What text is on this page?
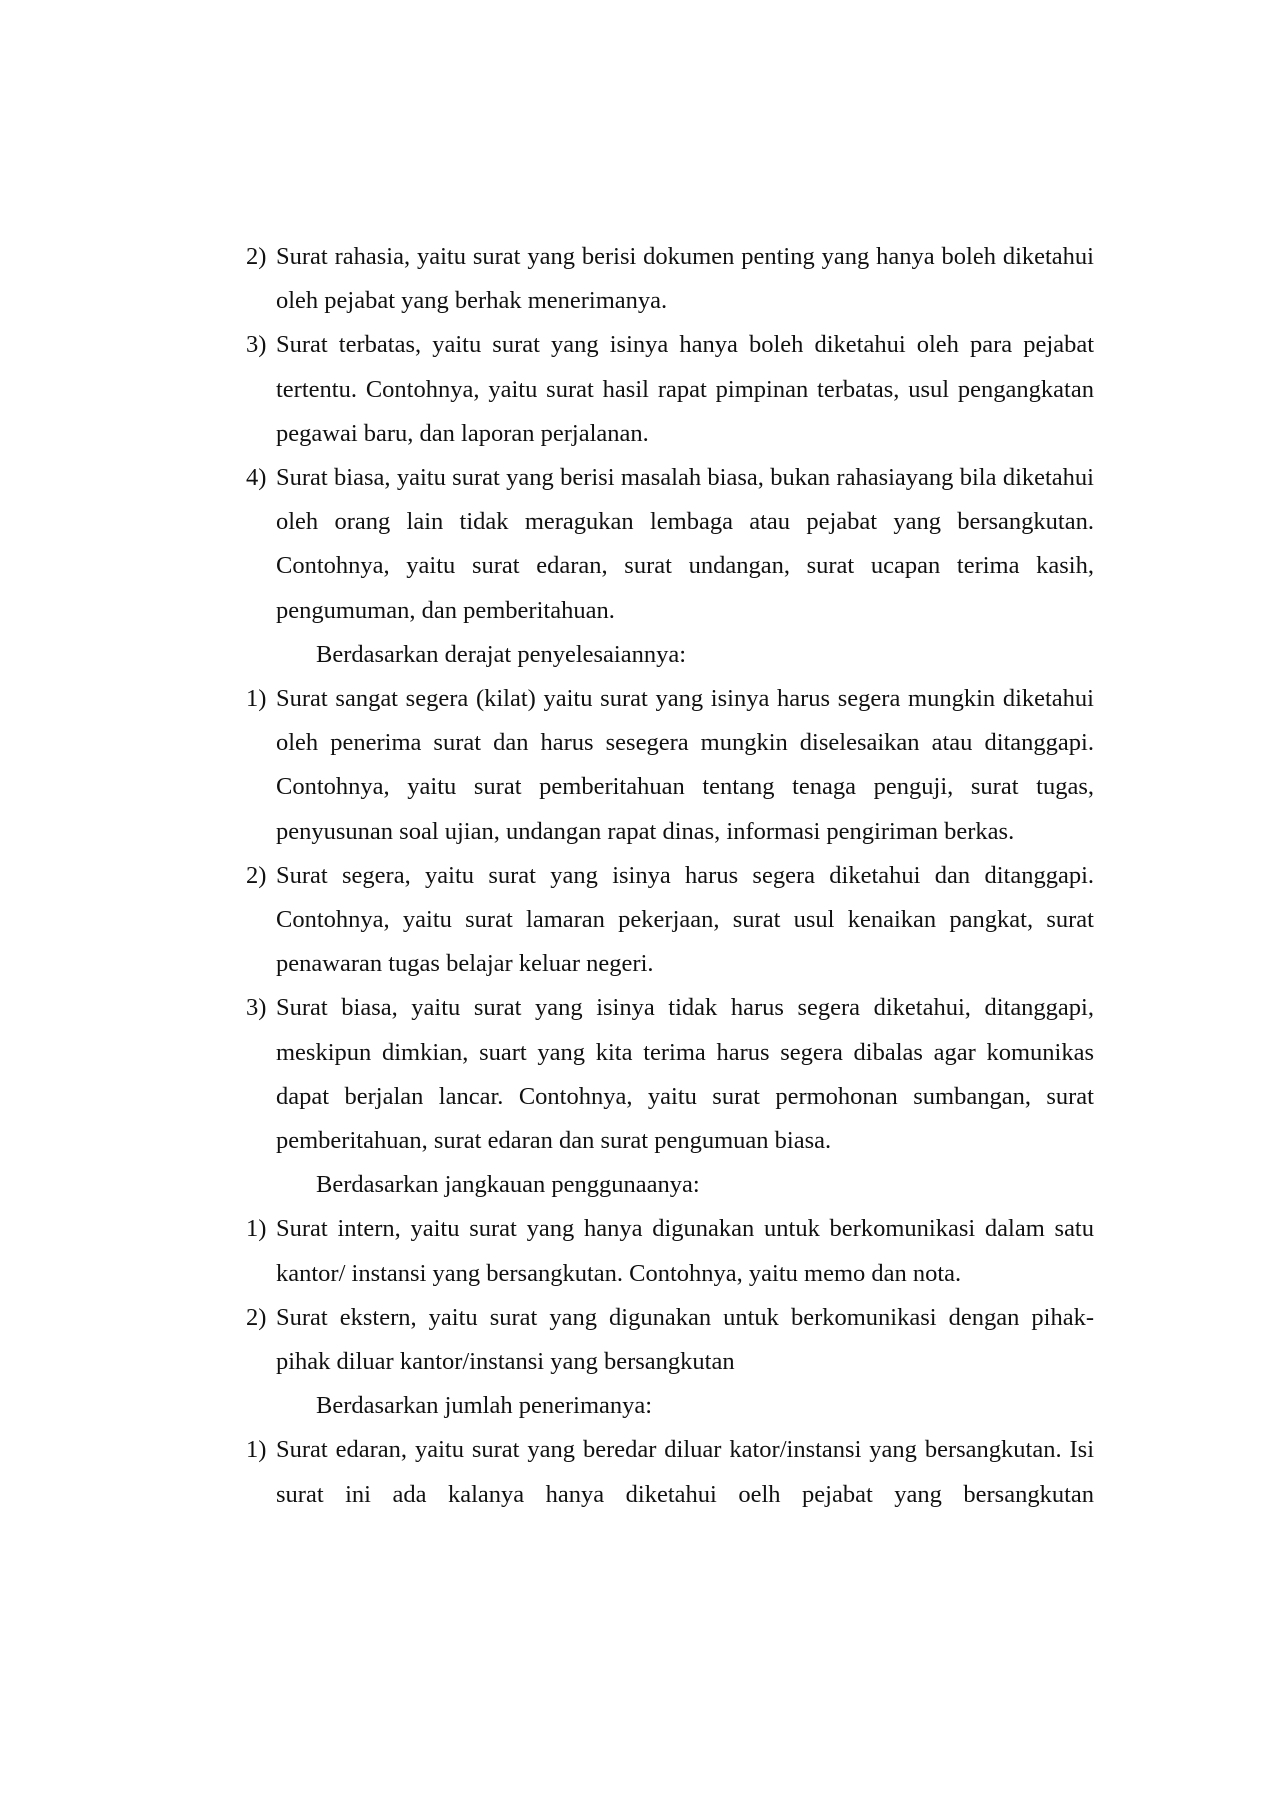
2) Surat rahasia, yaitu surat yang berisi dokumen penting yang hanya boleh diketahui oleh pejabat yang berhak menerimanya.

3) Surat terbatas, yaitu surat yang isinya hanya boleh diketahui oleh para pejabat tertentu. Contohnya, yaitu surat hasil rapat pimpinan terbatas, usul pengangkatan pegawai baru, dan laporan perjalanan.

4) Surat biasa, yaitu surat yang berisi masalah biasa, bukan rahasiayang bila diketahui oleh orang lain tidak meragukan lembaga atau pejabat yang bersangkutan. Contohnya, yaitu surat edaran, surat undangan, surat ucapan terima kasih, pengumuman, dan pemberitahuan.

Berdasarkan derajat penyelesaiannya:

1) Surat sangat segera (kilat) yaitu surat yang isinya harus segera mungkin diketahui oleh penerima surat dan harus sesegera mungkin diselesaikan atau ditanggapi. Contohnya, yaitu surat pemberitahuan tentang tenaga penguji, surat tugas, penyusunan soal ujian, undangan rapat dinas, informasi pengiriman berkas.

2) Surat segera, yaitu surat yang isinya harus segera diketahui dan ditanggapi. Contohnya, yaitu surat lamaran pekerjaan, surat usul kenaikan pangkat, surat penawaran tugas belajar keluar negeri.

3) Surat biasa, yaitu surat yang isinya tidak harus segera diketahui, ditanggapi, meskipun dimkian, suart yang kita terima harus segera dibalas agar komunikas dapat berjalan lancar. Contohnya, yaitu surat permohonan sumbangan, surat pemberitahuan, surat edaran dan surat pengumuan biasa.

Berdasarkan jangkauan penggunaanya:

1) Surat intern, yaitu surat yang hanya digunakan untuk berkomunikasi dalam satu kantor/ instansi yang bersangkutan. Contohnya, yaitu memo dan nota.

2) Surat ekstern, yaitu surat yang digunakan untuk berkomunikasi dengan pihak-pihak diluar kantor/instansi yang bersangkutan

Berdasarkan jumlah penerimanya:

1) Surat edaran, yaitu surat yang beredar diluar kator/instansi yang bersangkutan. Isi surat ini ada kalanya hanya diketahui oelh pejabat yang bersangkutan
